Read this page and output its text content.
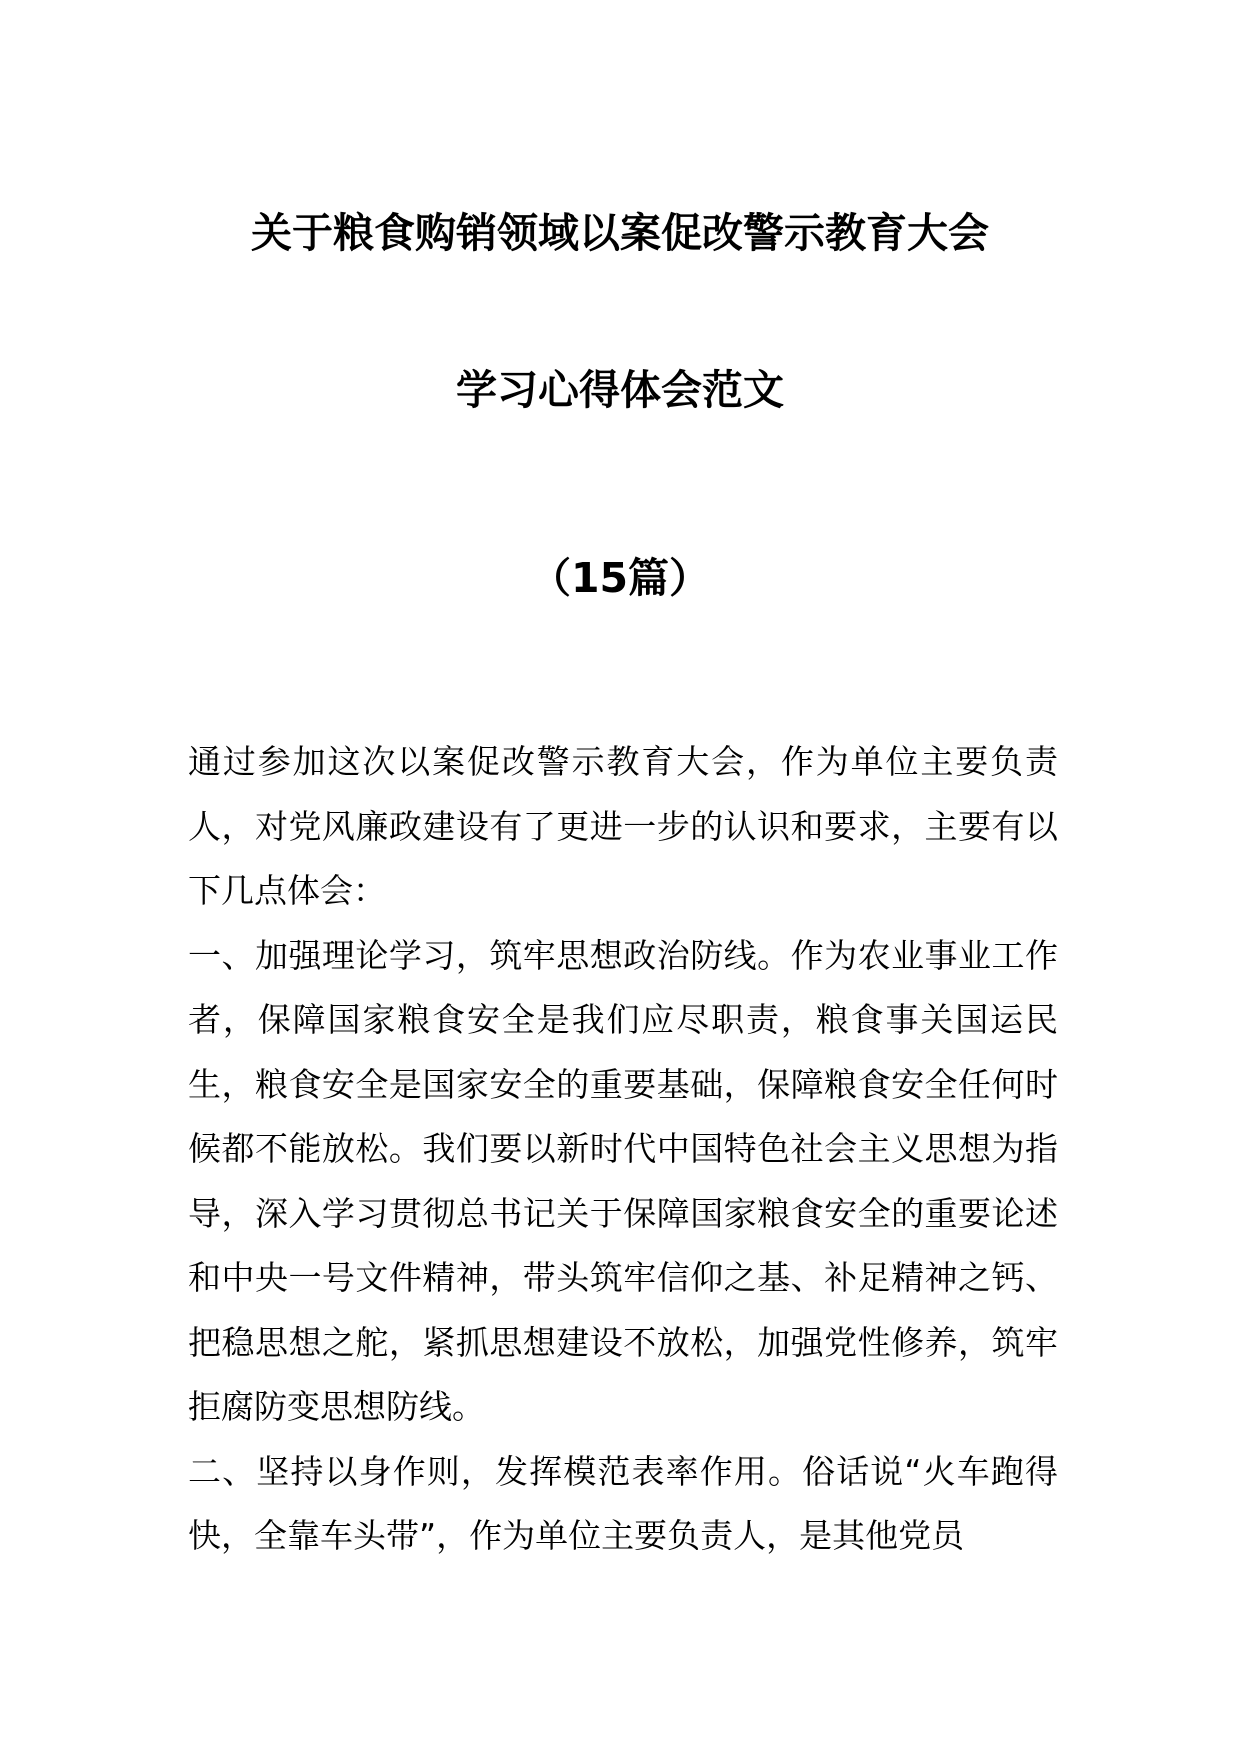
关于粮食购销领域以案促改警示教育大会
学习心得体会范文
（15篇）

通过参加这次以案促改警示教育大会，作为单位主要负责人，对党风廉政建设有了更进一步的认识和要求，主要有以下几点体会：

一、加强理论学习，筑牢思想政治防线。作为农业事业工作者，保障国家粮食安全是我们应尽职责，粮食事关国运民生，粮食安全是国家安全的重要基础，保障粮食安全任何时候都不能放松。我们要以新时代中国特色社会主义思想为指导，深入学习贯彻总书记关于保障国家粮食安全的重要论述和中央一号文件精神，带头筑牢信仰之基、补足精神之钙、把稳思想之舵，紧抓思想建设不放松，加强党性修养，筑牢拒腐防变思想防线。

二、坚持以身作则，发挥模范表率作用。俗话说“火车跑得快，全靠车头带”，作为单位主要负责人，是其他党员
